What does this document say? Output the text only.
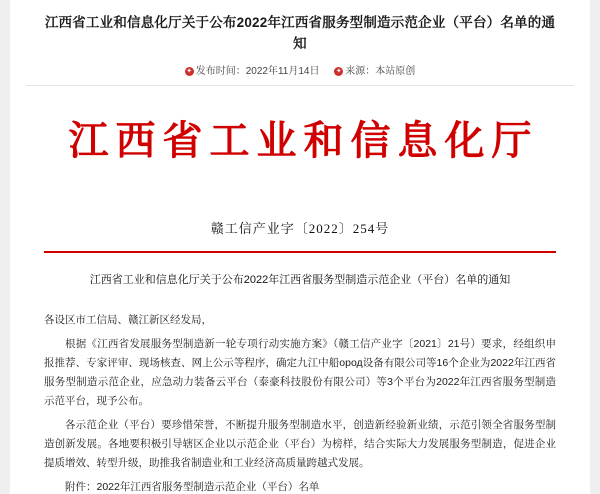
江西省工业和信息化厅关于公布2022年江西省服务型制造示范企业（平台）名单的通知
✦ 发布时间：2022年11月14日 ✦ 来源：本站原创
江西省工业和信息化厅
赣工信产业字〔2022〕254号
江西省工业和信息化厅关于公布2022年江西省服务型制造示范企业（平台）名单的通知

各设区市工信局、赣江新区经发局，

根据《江西省发展服务型制造新一轮专项行动实施方案》（赣工信产业字〔2021〕21号）要求，经组织申报推荐、专家评审、现场核查、网上公示等程序，确定九江中船ород设备有限公司等16个企业为2022年江西省服务型制造示范企业，应急动力装备云平台（泰豪科技股份有限公司）等3个平台为2022年江西省服务型制造示范平台，现予公布。

各示范企业（平台）要珍惜荣誉，不断提升服务型制造水平，创造新经验新业绩，示范引领全省服务型制造创新发展。各地要积极引导辖区企业以示范企业（平台）为榜样，结合实际大力发展服务型制造，促进企业提质增效、转型升级，助推我省制造业和工业经济高质量跨越式发展。

附件：2022年江西省服务型制造示范企业（平台）名单
